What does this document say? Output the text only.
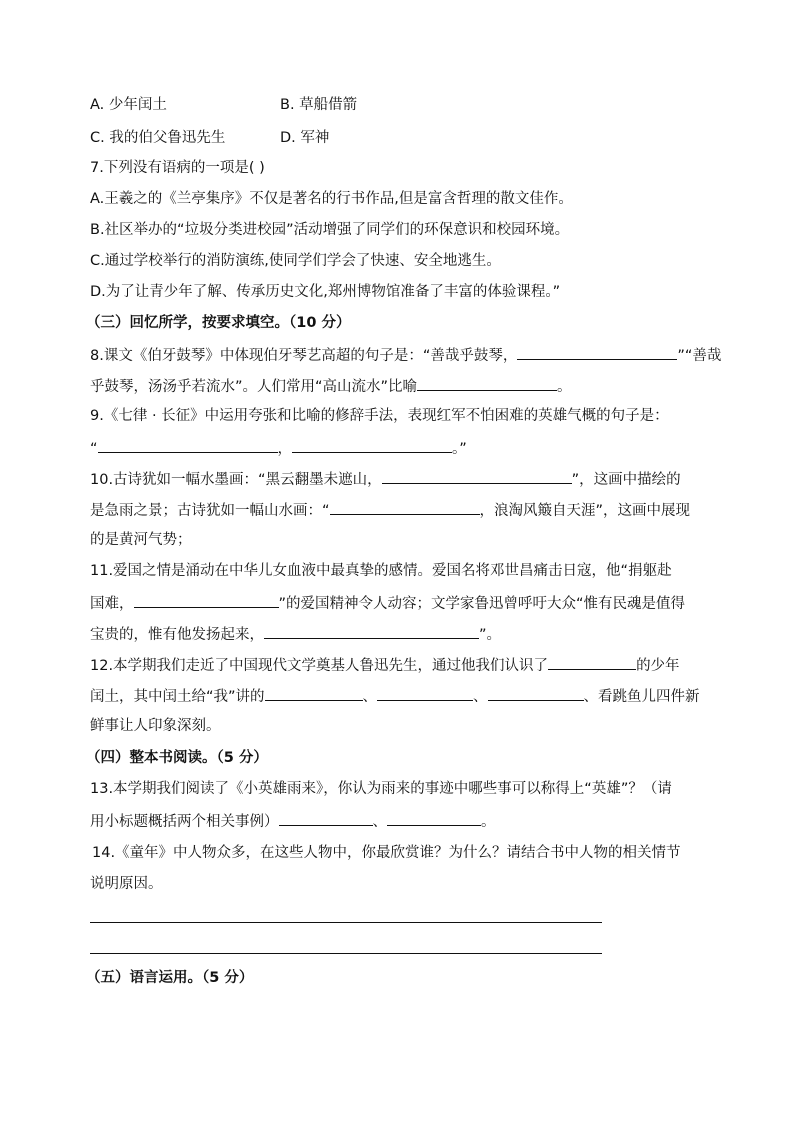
A. 少年闰土	B. 草船借箭
C. 我的伯父鲁迅先生	D. 军神
7.下列没有语病的一项是( )
A.王羲之的《兰亭集序》不仅是著名的行书作品,但是富含哲理的散文佳作。
B.社区举办的“垃圾分类进校园”活动增强了同学们的环保意识和校园环境。
C.通过学校举行的消防演练,使同学们学会了快速、安全地逃生。
D.为了让青少年了解、传承历史文化,郑州博物馆准备了丰富的体验课程。”
（三）回忆所学，按要求填空。（10 分）
8.课文《伯牙鼓琴》中体现伯牙琴艺高超的句子是：“善哉乎鼓琴，	”“善哉
乎鼓琴，汤汤乎若流水”。人们常用“高山流水”比喻	。
9.《七律 · 长征》中运用夸张和比喻的修辞手法，表现红军不怕困难的英雄气概的句子是：
“	，	。”
10.古诗犹如一幅水墨画：“黑云翻墨未遮山，	”，这画中描绘的
是急雨之景；古诗犹如一幅山水画：“	，浪淘风簸自天涯”，这画中展现
的是黄河气势；
11.爱国之情是涌动在中华儿女血液中最真挚的感情。爱国名将邓世昌痛击日寇，他“捐躯赴
国难，	”的爱国精神令人动容；文学家鲁迅曾呼吁大众“惟有民魂是值得
宝贵的，惟有他发扬起来，	”。
12.本学期我们走近了中国现代文学奠基人鲁迅先生，通过他我们认识了	的少年
闰土，其中闰土给“我”讲的	、	、	、看跳鱼儿四件新
鲜事让人印象深刻。
（四）整本书阅读。（5 分）
13.本学期我们阅读了《小英雄雨来》，你认为雨来的事迹中哪些事可以称得上“英雄”？（请
用小标题概括两个相关事例）	、	。
14.《童年》中人物众多，在这些人物中，你最欣赏谁？为什么？请结合书中人物的相关情节
说明原因。
（五）语言运用。（5 分）
